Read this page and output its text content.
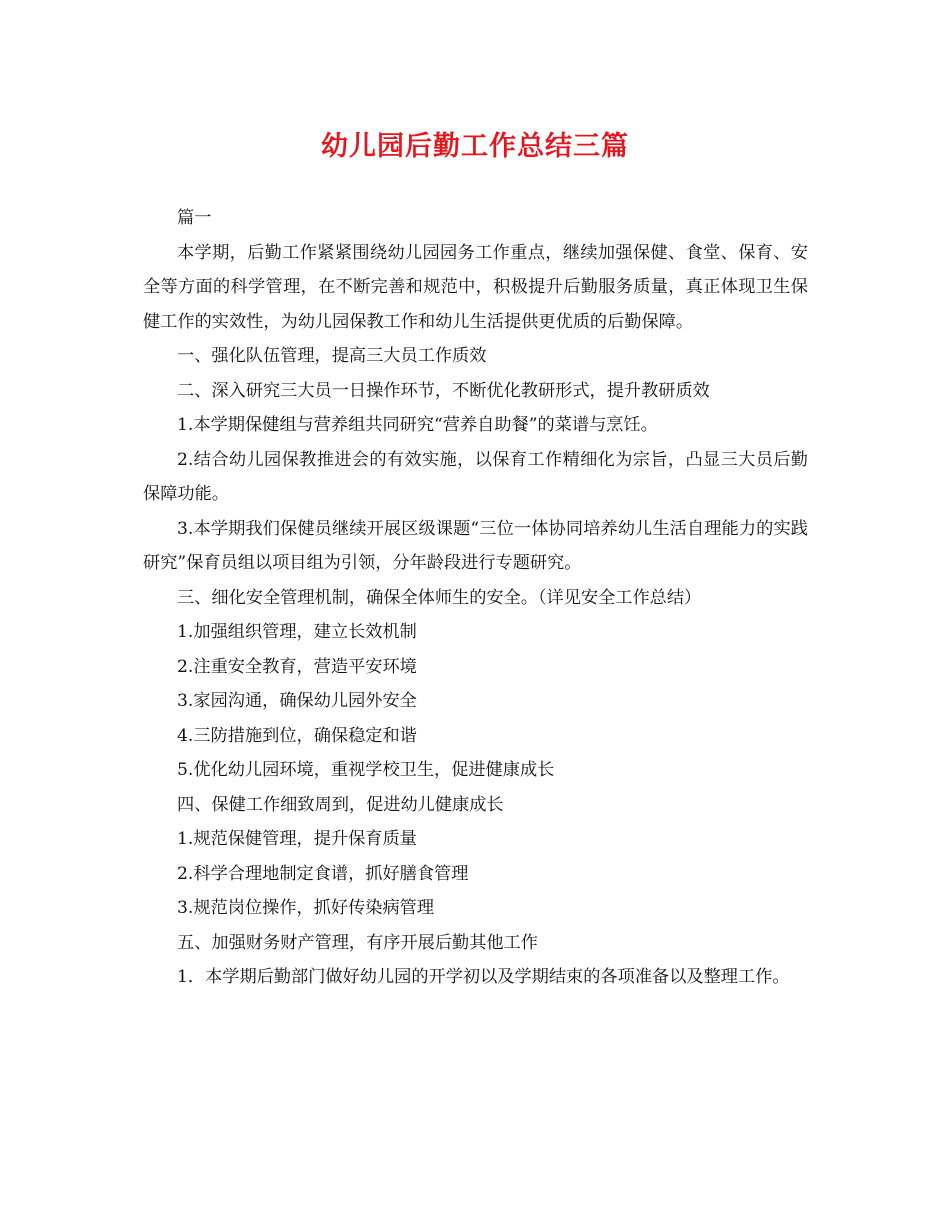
幼儿园后勤工作总结三篇

篇一

本学期，后勤工作紧紧围绕幼儿园园务工作重点，继续加强保健、食堂、保育、安全等方面的科学管理，在不断完善和规范中，积极提升后勤服务质量，真正体现卫生保健工作的实效性，为幼儿园保教工作和幼儿生活提供更优质的后勤保障。

一、强化队伍管理，提高三大员工作质效

二、深入研究三大员一日操作环节，不断优化教研形式，提升教研质效

1.本学期保健组与营养组共同研究“营养自助餐”的菜谱与烹饪。

2.结合幼儿园保教推进会的有效实施，以保育工作精细化为宗旨，凸显三大员后勤保障功能。

3.本学期我们保健员继续开展区级课题“三位一体协同培养幼儿生活自理能力的实践研究”保育员组以项目组为引领，分年龄段进行专题研究。

三、细化安全管理机制，确保全体师生的安全。（详见安全工作总结）

1.加强组织管理，建立长效机制

2.注重安全教育，营造平安环境

3.家园沟通，确保幼儿园外安全

4.三防措施到位，确保稳定和谐

5.优化幼儿园环境，重视学校卫生，促进健康成长

四、保健工作细致周到，促进幼儿健康成长

1.规范保健管理，提升保育质量

2.科学合理地制定食谱，抓好膳食管理

3.规范岗位操作，抓好传染病管理

五、加强财务财产管理，有序开展后勤其他工作

1．本学期后勤部门做好幼儿园的开学初以及学期结束的各项准备以及整理工作。
